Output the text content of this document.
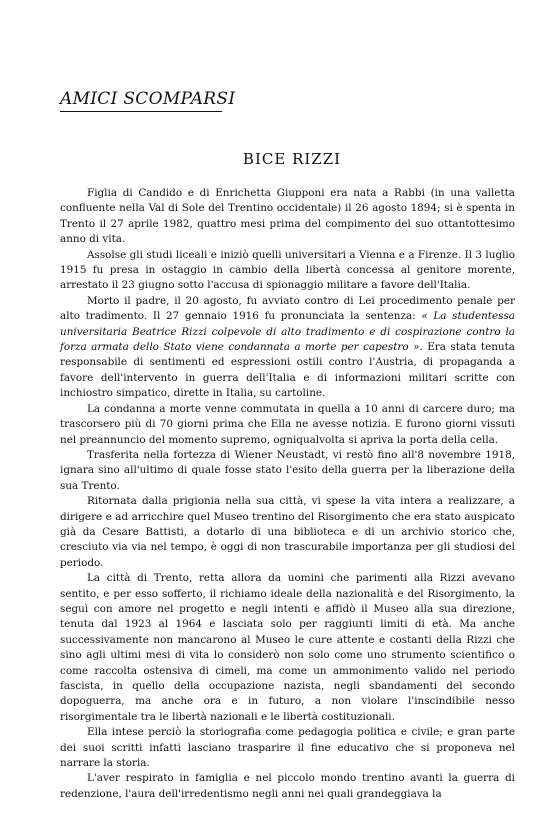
AMICI SCOMPARSI
BICE RIZZI

Figlia di Candido e di Enrichetta Giupponi era nata a Rabbi (in una valletta confluente nella Val di Sole del Trentino occidentale) il 26 agosto 1894; si è spenta in Trento il 27 aprile 1982, quattro mesi prima del compimento del suo ottantottesimo anno di vita.

Assolse gli studi liceali e iniziò quelli universitari a Vienna e a Firenze. Il 3 luglio 1915 fu presa in ostaggio in cambio della libertà concessa al genitore morente, arrestato il 23 giugno sotto l'accusa di spionaggio militare a favore dell'Italia.

Morto il padre, il 20 agosto, fu avviato contro di Lei procedimento penale per alto tradimento. Il 27 gennaio 1916 fu pronunciata la sentenza: « La studentessa universitaria Beatrice Rizzi colpevole di alto tradimento e di cospirazione contro la forza armata dello Stato viene condannata a morte per capestro ». Era stata tenuta responsabile di sentimenti ed espressioni ostili contro l'Austria, di propaganda a favore dell'intervento in guerra dell'Italia e di informazioni militari scritte con inchiostro simpatico, dirette in Italia, su cartoline.

La condanna a morte venne commutata in quella a 10 anni di carcere duro; ma trascorsero più di 70 giorni prima che Ella ne avesse notizia. E furono giorni vissuti nel preannuncio del momento supremo, ogniqualvolta si apriva la porta della cella.

Trasferita nella fortezza di Wiener Neustadt, vi restò fino all'8 novembre 1918, ignara sino all'ultimo di quale fosse stato l'esito della guerra per la liberazione della sua Trento.

Ritornata dalla prigionia nella sua città, vi spese la vita intera a realizzare, a dirigere e ad arricchire quel Museo trentino del Risorgimento che era stato auspicato già da Cesare Battisti, a dotarlo di una biblioteca e di un archivio storico che, cresciuto via via nel tempo, è oggi di non trascurabile importanza per gli studiosi del periodo.

La città di Trento, retta allora da uomini che parimenti alla Rizzi avevano sentito, e per esso sofferto, il richiamo ideale della nazionalità e del Risorgimento, la seguì con amore nel progetto e negli intenti e affidò il Museo alla sua direzione, tenuta dal 1923 al 1964 e lasciata solo per raggiunti limiti di età. Ma anche successivamente non mancarono al Museo le cure attente e costanti della Rizzi che sino agli ultimi mesi di vita lo considerò non solo come uno strumento scientifico o come raccolta ostensiva di cimeli, ma come un ammonimento valido nel periodo fascista, in quello della occupazione nazista, negli sbandamenti del secondo dopoguerra, ma anche ora e in futuro, a non violare l'inscindibile nesso risorgimentale tra le libertà nazionali e le libertà costituzionali.

Ella intese perciò la storiografia come pedagogia politica e civile; e gran parte dei suoi scritti infatti lasciano trasparire il fine educativo che si proponeva nel narrare la storia.

L'aver respirato in famiglia e nel piccolo mondo trentino avanti la guerra di redenzione, l'aura dell'irredentismo negli anni nei quali grandeggiava la
